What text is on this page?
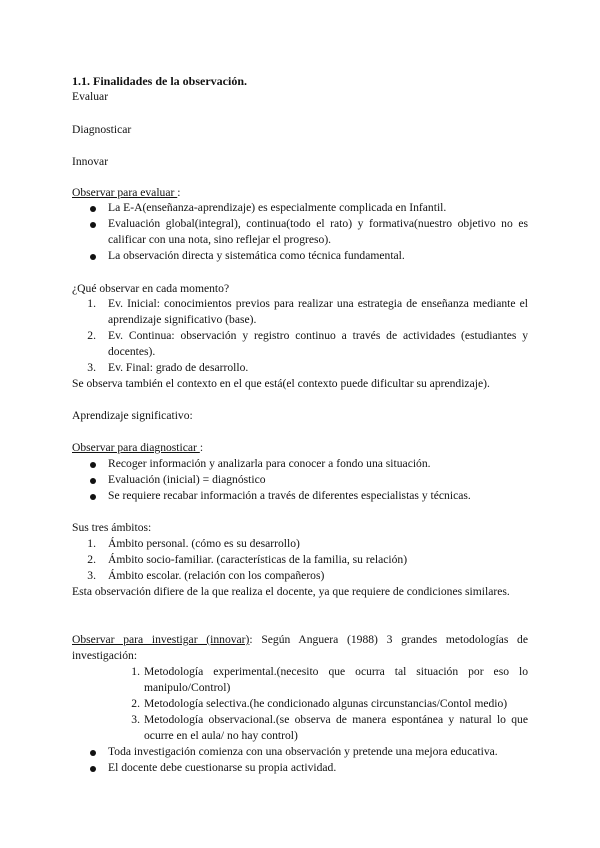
1.1. Finalidades de la observación.
Evaluar
Diagnosticar
Innovar
Observar para evaluar :
La E-A(enseñanza-aprendizaje) es especialmente complicada en Infantil.
Evaluación global(integral), continua(todo el rato) y formativa(nuestro objetivo no es calificar con una nota, sino reflejar el progreso).
La observación directa y sistemática como técnica fundamental.
¿Qué observar en cada momento?
1. Ev. Inicial: conocimientos previos para realizar una estrategia de enseñanza mediante el aprendizaje significativo (base).
2. Ev. Continua: observación y registro continuo a través de actividades (estudiantes y docentes).
3. Ev. Final: grado de desarrollo.
Se observa también el contexto en el que está(el contexto puede dificultar su aprendizaje).
Aprendizaje significativo:
Observar para diagnosticar :
Recoger información y analizarla para conocer a fondo una situación.
Evaluación (inicial) = diagnóstico
Se requiere recabar información a través de diferentes especialistas y técnicas.
Sus tres ámbitos:
1. Ámbito personal. (cómo es su desarrollo)
2. Ámbito socio-familiar. (características de la familia, su relación)
3. Ámbito escolar. (relación con los compañeros)
Esta observación difiere de la que realiza el docente, ya que requiere de condiciones similares.
Observar para investigar (innovar): Según Anguera (1988) 3 grandes metodologías de investigación:
1. Metodología experimental.(necesito que ocurra tal situación por eso lo manipulo/Control)
2. Metodología selectiva.(he condicionado algunas circunstancias/Contol medio)
3. Metodología observacional.(se observa de manera espontánea y natural lo que ocurre en el aula/ no hay control)
Toda investigación comienza con una observación y pretende una mejora educativa.
El docente debe cuestionarse su propia actividad.
